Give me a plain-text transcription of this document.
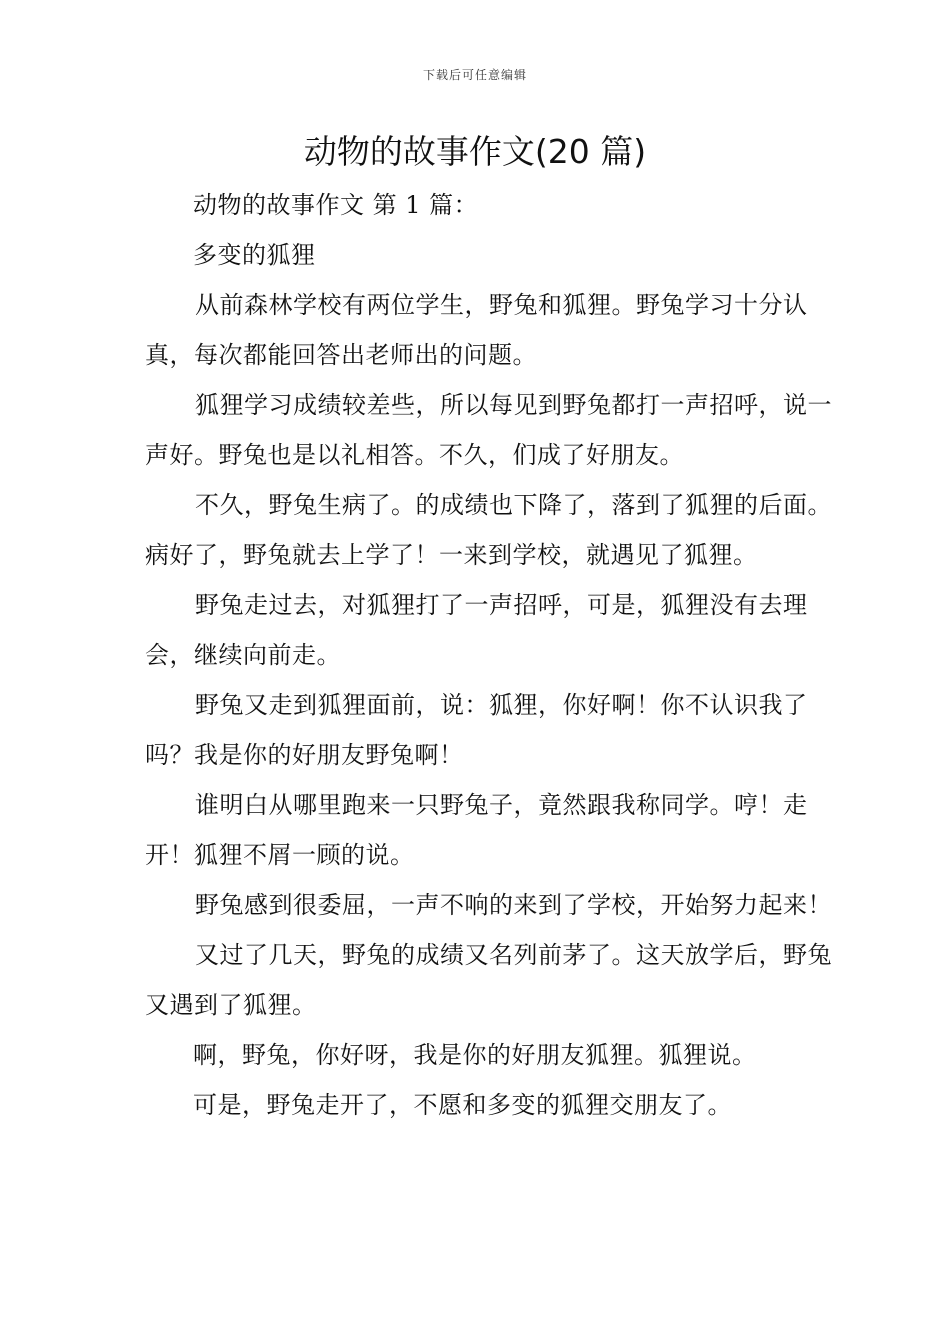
下载后可任意编辑
动物的故事作文(20 篇)

动物的故事作文 第 1 篇：

多变的狐狸

从前森林学校有两位学生，野兔和狐狸。野兔学习十分认真，每次都能回答出老师出的问题。

狐狸学习成绩较差些，所以每见到野兔都打一声招呼，说一声好。野兔也是以礼相答。不久，们成了好朋友。

不久，野兔生病了。的成绩也下降了，落到了狐狸的后面。病好了，野兔就去上学了！一来到学校，就遇见了狐狸。

野兔走过去，对狐狸打了一声招呼，可是，狐狸没有去理会，继续向前走。

野兔又走到狐狸面前，说：狐狸，你好啊！你不认识我了吗？我是你的好朋友野兔啊！

谁明白从哪里跑来一只野兔子，竟然跟我称同学。哼！走开！狐狸不屑一顾的说。

野兔感到很委屈，一声不响的来到了学校，开始努力起来！

又过了几天，野兔的成绩又名列前茅了。这天放学后，野兔又遇到了狐狸。

啊，野兔，你好呀，我是你的好朋友狐狸。狐狸说。

可是，野兔走开了，不愿和多变的狐狸交朋友了。
